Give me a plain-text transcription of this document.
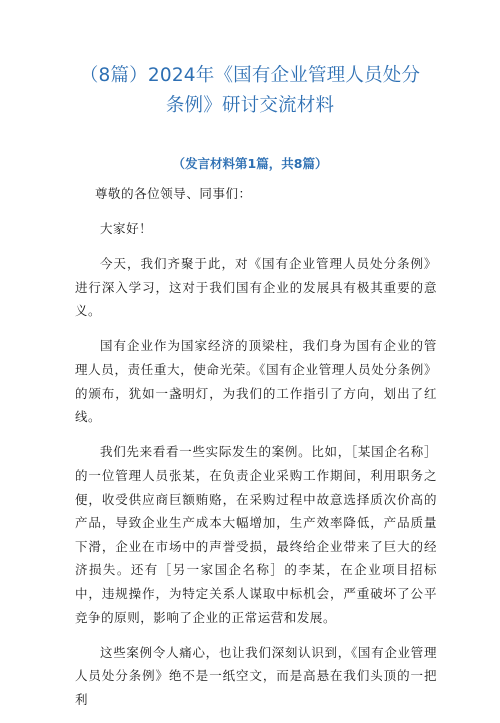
（8篇）2024年《国有企业管理人员处分
条例》研讨交流材料
（发言材料第1篇，共8篇）

尊敬的各位领导、同事们：

大家好！

今天，我们齐聚于此，对《国有企业管理人员处分条例》进行深入学习，这对于我们国有企业的发展具有极其重要的意义。

国有企业作为国家经济的顶梁柱，我们身为国有企业的管理人员，责任重大，使命光荣。《国有企业管理人员处分条例》的颁布，犹如一盏明灯，为我们的工作指引了方向，划出了红线。

我们先来看看一些实际发生的案例。比如，［某国企名称］的一位管理人员张某，在负责企业采购工作期间，利用职务之便，收受供应商巨额贿赂，在采购过程中故意选择质次价高的产品，导致企业生产成本大幅增加，生产效率降低，产品质量下滑，企业在市场中的声誉受损，最终给企业带来了巨大的经济损失。还有［另一家国企名称］的李某，在企业项目招标中，违规操作，为特定关系人谋取中标机会，严重破坏了公平竞争的原则，影响了企业的正常运营和发展。

这些案例令人痛心，也让我们深刻认识到，《国有企业管理人员处分条例》绝不是一纸空文，而是高悬在我们头顶的一把利
